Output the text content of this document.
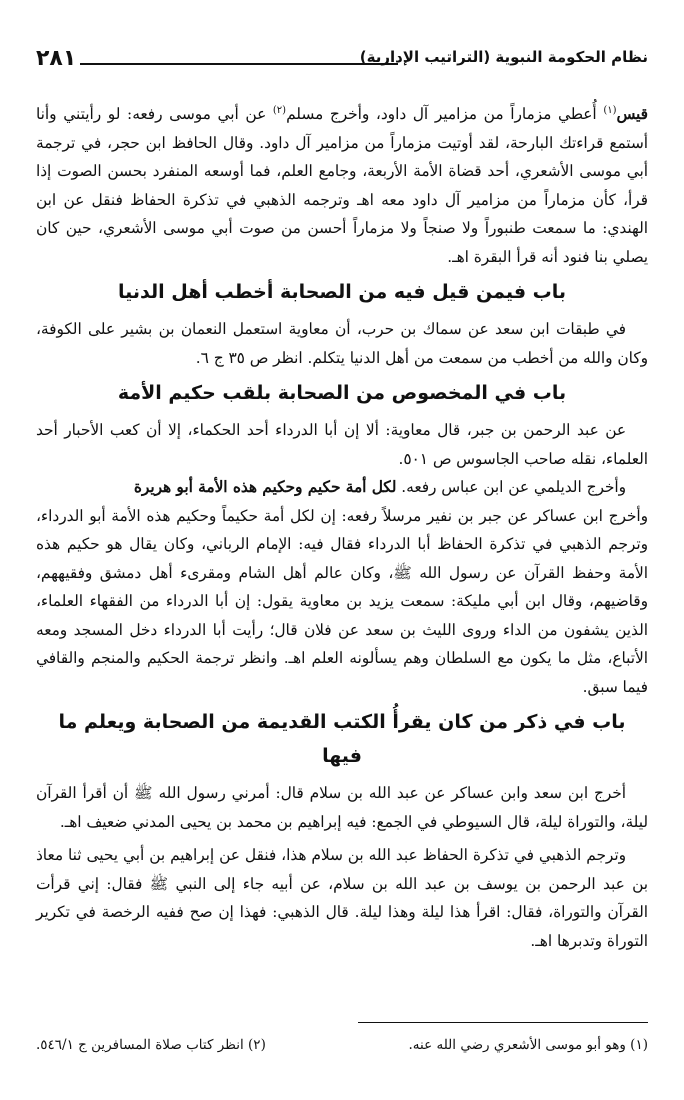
٢٨١	نظام الحكومة النبوية (التراتيب الإدارية)

قيس$^{(١)}$ أُعطي مزماراً من مزامير آل داود، وأخرج مسلم$^{(٢)}$ عن أبي موسى رفعه: لو رأيتني وأنا أستمع قراءتك البارحة، لقد أوتيت مزماراً من مزامير آل داود. وقال الحافظ ابن حجر، في ترجمة أبي موسى الأشعري، أحد قضاة الأمة الأربعة، وجامع العلم، فما أوسعه المنفرد بحسن الصوت إذا قرأ، كأن مزماراً من مزامير آل داود معه اهـ وترجمه الذهبي في تذكرة الحفاظ فنقل عن ابن الهندي: ما سمعت طنبوراً ولا صنجاً ولا مزماراً أحسن من صوت أبي موسى الأشعري، حين كان يصلي بنا فنود أنه قرأ البقرة اهـ.

باب فيمن قيل فيه من الصحابة أخطب أهل الدنيا

في طبقات ابن سعد عن سماك بن حرب، أن معاوية استعمل النعمان بن بشير على الكوفة، وكان والله من أخطب من سمعت من أهل الدنيا يتكلم. انظر ص ٣٥ ج ٦.

باب في المخصوص من الصحابة بلقب حكيم الأمة

عن عبد الرحمن بن جبر، قال معاوية: ألا إن أبا الدرداء أحد الحكماء، إلا أن كعب الأحبار أحد العلماء، نقله صاحب الجاسوس ص ٥٠١.

وأخرج الديلمي عن ابن عباس رفعه. لكل أمة حكيم وحكيم هذه الأمة أبو هريرة

وأخرج ابن عساكر عن جبر بن نفير مرسلاً رفعه: إن لكل أمة حكيماً وحكيم هذه الأمة أبو الدرداء، وترجم الذهبي في تذكرة الحفاظ أبا الدرداء فقال فيه: الإمام الرباني، وكان يقال هو حكيم هذه الأمة وحفظ القرآن عن رسول الله ﷺ، وكان عالم أهل الشام ومقرىء أهل دمشق وفقيههم، وقاضيهم، وقال ابن أبي مليكة: سمعت يزيد بن معاوية يقول: إن أبا الدرداء من الفقهاء العلماء، الذين يشفون من الداء وروى الليث بن سعد عن فلان قال؛ رأيت أبا الدرداء دخل المسجد ومعه الأتباع، مثل ما يكون مع السلطان وهم يسألونه العلم اهـ. وانظر ترجمة الحكيم والمنجم والقافي فيما سبق.

باب في ذكر من كان يقرأُ الكتب القديمة من الصحابة ويعلم ما فيها

أخرج ابن سعد وابن عساكر عن عبد الله بن سلام قال: أمرني رسول الله ﷺ أن أقرأ القرآن ليلة، والتوراة ليلة، قال السيوطي في الجمع: فيه إبراهيم بن محمد بن يحيى المدني ضعيف اهـ.

وترجم الذهبي في تذكرة الحفاظ عبد الله بن سلام هذا، فنقل عن إبراهيم بن أبي يحيى ثنا معاذ بن عبد الرحمن بن يوسف بن عبد الله بن سلام، عن أبيه جاء إلى النبي ﷺ فقال: إني قرأت القرآن والتوراة، فقال: اقرأ هذا ليلة وهذا ليلة. قال الذهبي: فهذا إن صح ففيه الرخصة في تكرير التوراة وتدبرها اهـ.

(١) وهو أبو موسى الأشعري رضي الله عنه.
(٢) انظر كتاب صلاة المسافرين ج ٥٤٦/١.
